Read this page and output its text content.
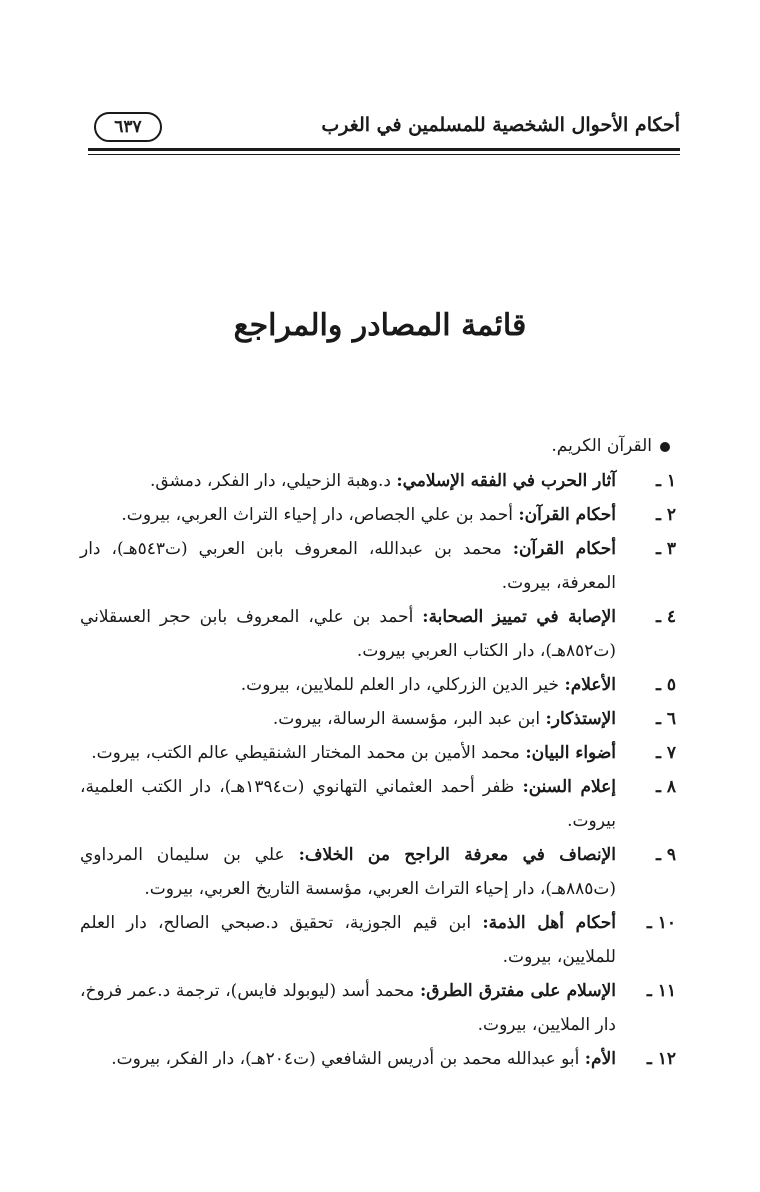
أحكام الأحوال الشخصية للمسلمين في الغرب
٦٣٧
قائمة المصادر والمراجع
القرآن الكريم.
١ ـ
آثار الحرب في الفقه الإسلامي: د.وهبة الزحيلي، دار الفكر، دمشق.
٢ ـ
أحكام القرآن: أحمد بن علي الجصاص، دار إحياء التراث العربي، بيروت.
٣ ـ
أحكام القرآن: محمد بن عبدالله، المعروف بابن العربي (ت٥٤٣هـ)، دار المعرفة، بيروت.
٤ ـ
الإصابة في تمييز الصحابة: أحمد بن علي، المعروف بابن حجر العسقلاني (ت٨٥٢هـ)، دار الكتاب العربي بيروت.
٥ ـ
الأعلام: خير الدين الزركلي، دار العلم للملايين، بيروت.
٦ ـ
الإستذكار: ابن عبد البر، مؤسسة الرسالة، بيروت.
٧ ـ
أضواء البيان: محمد الأمين بن محمد المختار الشنقيطي عالم الكتب، بيروت.
٨ ـ
إعلام السنن: ظفر أحمد العثماني التهانوي (ت١٣٩٤هـ)، دار الكتب العلمية، بيروت.
٩ ـ
الإنصاف في معرفة الراجح من الخلاف: علي بن سليمان المرداوي (ت٨٨٥هـ)، دار إحياء التراث العربي، مؤسسة التاريخ العربي، بيروت.
١٠ ـ
أحكام أهل الذمة: ابن قيم الجوزية، تحقيق د.صبحي الصالح، دار العلم للملايين، بيروت.
١١ ـ
الإسلام على مفترق الطرق: محمد أسد (ليوبولد فايس)، ترجمة د.عمر فروخ، دار الملايين، بيروت.
١٢ ـ
الأم: أبو عبدالله محمد بن أدريس الشافعي (ت٢٠٤هـ)، دار الفكر، بيروت.
